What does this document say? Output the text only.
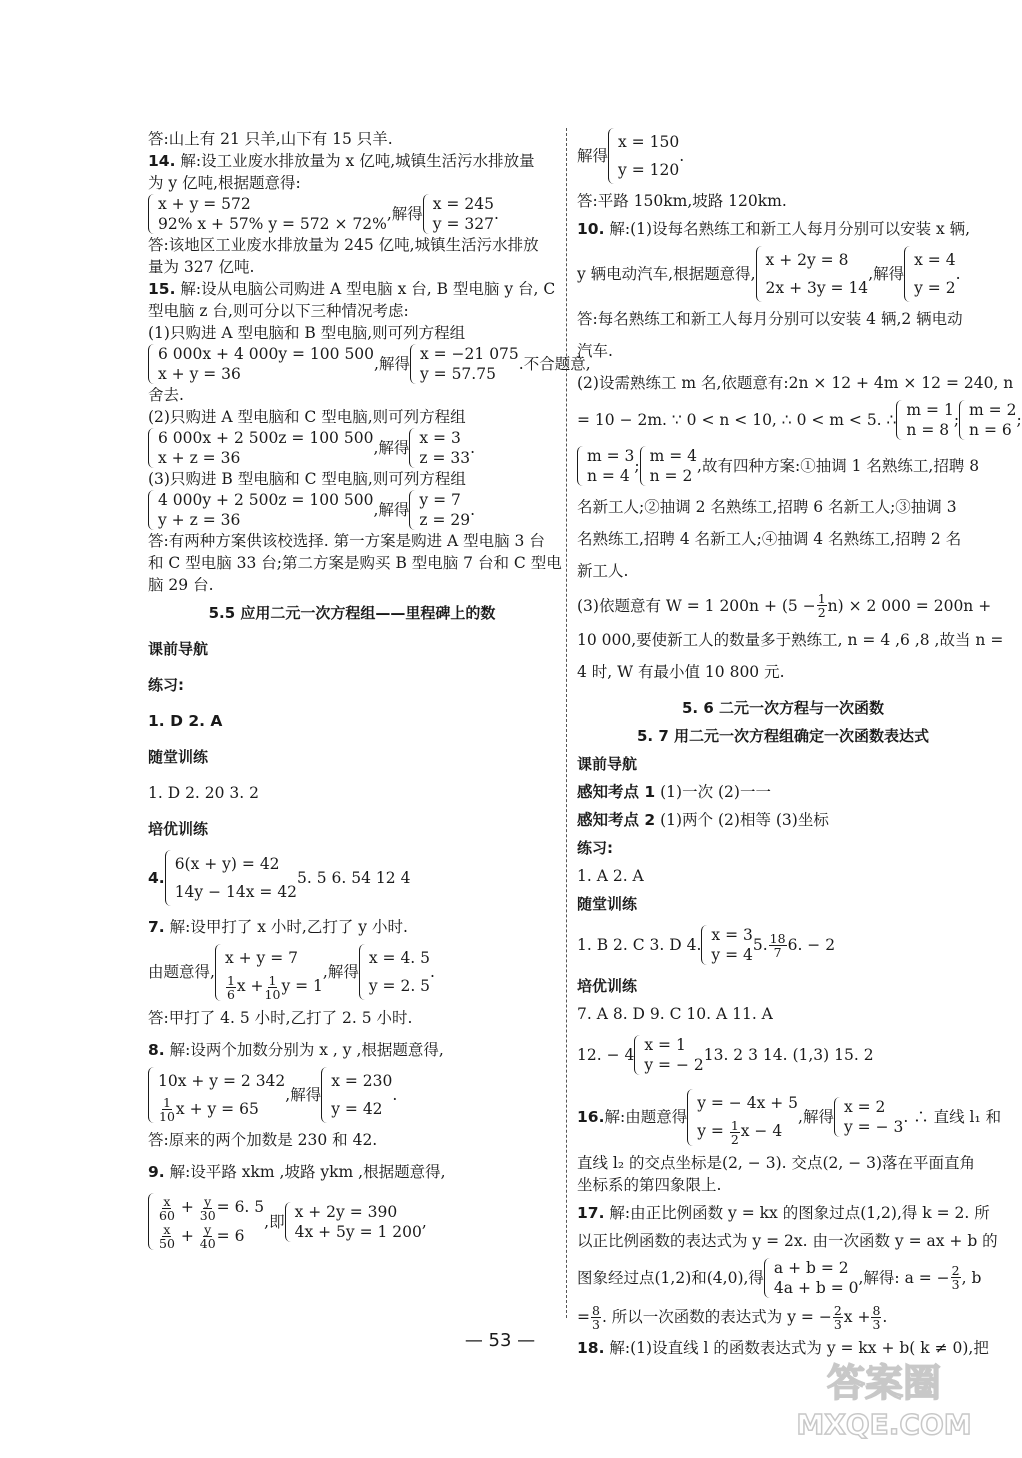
答:山上有 21 只羊,山下有 15 只羊.
14. 解:设工业废水排放量为 x 亿吨,城镇生活污水排放量
为 y 亿吨,根据题意得:
x + y = 572
92% x + 57% y = 572 × 72%
,解得
x = 245
y = 327
.
答:该地区工业废水排放量为 245 亿吨,城镇生活污水排放
量为 327 亿吨.
15. 解:设从电脑公司购进 A 型电脑 x 台, B 型电脑 y 台, C
型电脑 z 台,则可分以下三种情况考虑:
(1)只购进 A 型电脑和 B 型电脑,则可列方程组
6 000x + 4 000y = 100 500
x + y = 36
,解得
x = −21 075
y = 57.75
.不合题意,
舍去.
(2)只购进 A 型电脑和 C 型电脑,则可列方程组
6 000x + 2 500z = 100 500
x + z = 36
,解得
x = 3
z = 33
.
(3)只购进 B 型电脑和 C 型电脑,则可列方程组
4 000y + 2 500z = 100 500
y + z = 36
,解得
y = 7
z = 29
.
答:有两种方案供该校选择. 第一方案是购进 A 型电脑 3 台
和 C 型电脑 33 台;第二方案是购买 B 型电脑 7 台和 C 型电
脑 29 台.
5.5 应用二元一次方程组——里程碑上的数
课前导航
练习:
1. D 2. A
随堂训练
1. D 2. 20 3. 2
培优训练
4.
6(x + y) = 42
14y − 14x = 42
5. 5 6. 54 12 4
7. 解:设甲打了 x 小时,乙打了 y 小时.
由题意得,
x + y = 7
$\frac{1}{6}$ $x + \frac{1}{10}$ y = 1
,解得
x = 4. 5
y = 2. 5
.
答:甲打了 4. 5 小时,乙打了 2. 5 小时.
8. 解:设两个加数分别为 x , y ,根据题意得,
10x + y = 2 342
$\frac{1}{10}$ x + y = 65
,解得
x = 230
y = 42
.
答:原来的两个加数是 230 和 42.
9. 解:设平路 xkm ,坡路 ykm ,根据题意得,
$\frac{x}{60} + \frac{y}{30} = 6$. 5
$\frac{x}{50} + \frac{y}{40} = 6$
,即
x + 2y = 390
4x + 5y = 1 200
,
解得
x = 150
y = 120
.
答:平路 150km,坡路 120km.
10. 解:(1)设每名熟练工和新工人每月分别可以安装 x 辆,
y 辆电动汽车,根据题意得,
x + 2y = 8
2x + 3y = 14
,解得
x = 4
y = 2
.
答:每名熟练工和新工人每月分别可以安装 4 辆,2 辆电动
汽车.
(2)设需熟练工 m 名,依题意有:2n × 12 + 4m × 12 = 240, n
= 10 − 2m. ∵ 0 < n < 10, ∴ 0 < m < 5. ∴
m = 1
n = 8
;
m = 2
n = 6
;
m = 3
n = 4
;
m = 4
n = 2
,故有四种方案:①抽调 1 名熟练工,招聘 8
名新工人;②抽调 2 名熟练工,招聘 6 名新工人;③抽调 3
名熟练工,招聘 4 名新工人;④抽调 4 名熟练工,招聘 2 名
新工人.
(3)依题意有 W = 1 $200n + (5 - \frac{1}{2} n) \times 2$ 000 = 200n +
10 000,要使新工人的数量多于熟练工, n = 4 ,6 ,8 ,故当 n =
4 时, W 有最小值 10 800 元.
5. 6 二元一次方程与一次函数
5. 7 用二元一次方程组确定一次函数表达式
课前导航
感知考点 1 (1)一次 (2)一一
感知考点 2 (1)两个 (2)相等 (3)坐标
练习:
1. A 2. A
随堂训练
1. B 2. C 3. D 4.
x = 3
y = 4
5. $\frac{18}{7} 6$. − 2
培优训练
7. A 8. D 9. C 10. A 11. A
12. − 4
x = 1
y = − 2
13. 2 3 14. (1,3) 15. 2
16. 解:由题意得
y = − 4x + 5
$y = \frac{1}{2}$ x − 4
,解得
x = 2
y = − 3
. ∴ 直线 l₁ 和
直线 l₂ 的交点坐标是(2, − 3). 交点(2, − 3)落在平面直角
坐标系的第四象限上.
17. 解:由正比例函数 y = kx 的图象过点(1,2),得 k = 2. 所
以正比例函数的表达式为 y = 2x. 由一次函数 y = ax + b 的
图象经过点(1,2)和(4,0),得
a + b = 2
4a + b = 0
,解得: a = − $\frac{2}{3}$ , b
= $\frac{8}{3}$ . 所以一次函数的表达式为 y = − $\frac{2}{3}$ $x + \frac{8}{3}$ .
18. 解:(1)设直线 l 的函数表达式为 y = kx + b( k ≠ 0),把
— 53 —
答案圈
MXQE.COM
